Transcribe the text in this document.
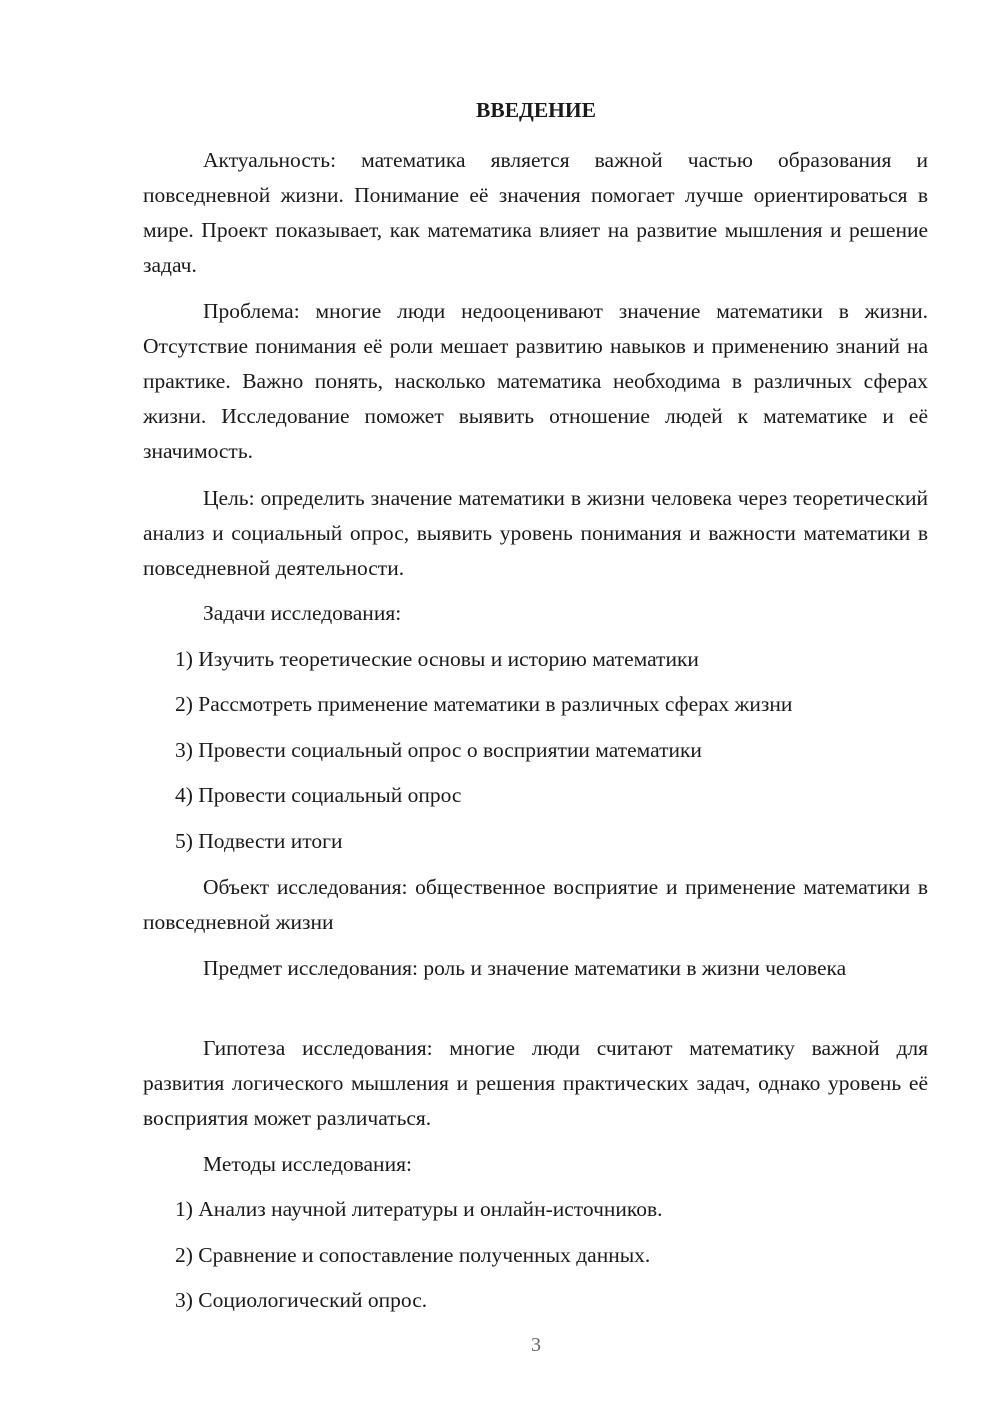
ВВЕДЕНИЕ

Актуальность: математика является важной частью образования и повседневной жизни. Понимание её значения помогает лучше ориентироваться в мире. Проект показывает, как математика влияет на развитие мышления и решение задач.

Проблема: многие люди недооценивают значение математики в жизни. Отсутствие понимания её роли мешает развитию навыков и применению знаний на практике. Важно понять, насколько математика необходима в различных сферах жизни. Исследование поможет выявить отношение людей к математике и её значимость.

Цель: определить значение математики в жизни человека через теоретический анализ и социальный опрос, выявить уровень понимания и важности математики в повседневной деятельности.

Задачи исследования:

1) Изучить теоретические основы и историю математики

2) Рассмотреть применение математики в различных сферах жизни

3) Провести социальный опрос о восприятии математики

4) Провести социальный опрос

5) Подвести итоги

Объект исследования: общественное восприятие и применение математики в повседневной жизни

Предмет исследования: роль и значение математики в жизни человека

Гипотеза исследования: многие люди считают математику важной для развития логического мышления и решения практических задач, однако уровень её восприятия может различаться.

Методы исследования:

1) Анализ научной литературы и онлайн-источников.

2) Сравнение и сопоставление полученных данных.

3) Социологический опрос.

3
